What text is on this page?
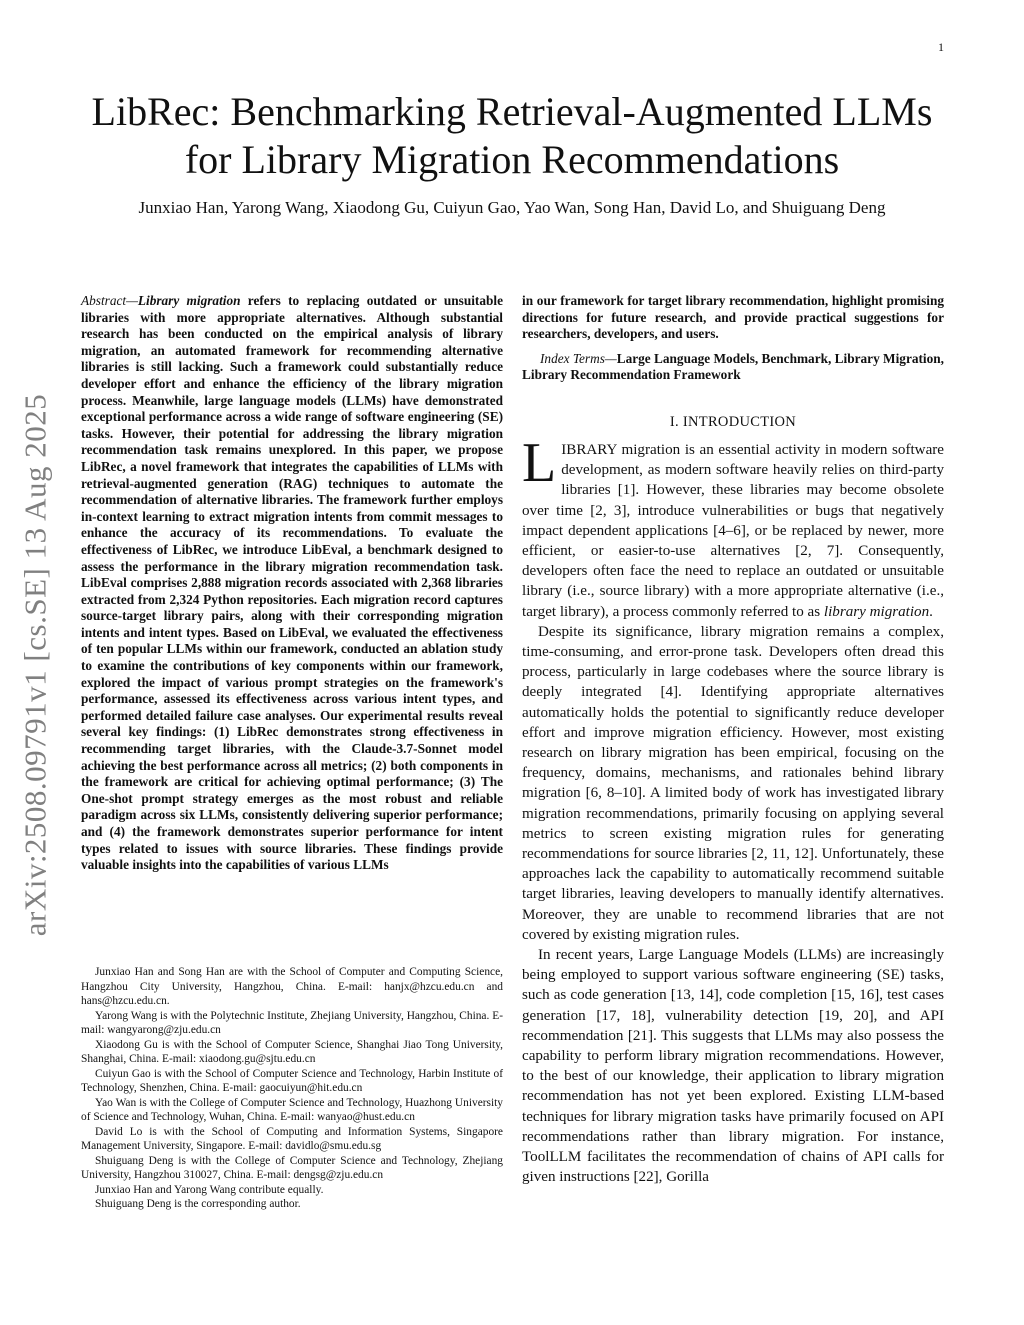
1
arXiv:2508.09791v1 [cs.SE] 13 Aug 2025
LibRec: Benchmarking Retrieval-Augmented LLMs
for Library Migration Recommendations

Junxiao Han, Yarong Wang, Xiaodong Gu, Cuiyun Gao, Yao Wan, Song Han, David Lo, and Shuiguang Deng

Abstract—Library migration refers to replacing outdated or unsuitable libraries with more appropriate alternatives. Although substantial research has been conducted on the empirical analysis of library migration, an automated framework for recommending alternative libraries is still lacking. Such a framework could substantially reduce developer effort and enhance the efficiency of the library migration process. Meanwhile, large language models (LLMs) have demonstrated exceptional performance across a wide range of software engineering (SE) tasks. However, their potential for addressing the library migration recommendation task remains unexplored. In this paper, we propose LibRec, a novel framework that integrates the capabilities of LLMs with retrieval-augmented generation (RAG) techniques to automate the recommendation of alternative libraries. The framework further employs in-context learning to extract migration intents from commit messages to enhance the accuracy of its recommendations. To evaluate the effectiveness of LibRec, we introduce LibEval, a benchmark designed to assess the performance in the library migration recommendation task. LibEval comprises 2,888 migration records associated with 2,368 libraries extracted from 2,324 Python repositories. Each migration record captures source-target library pairs, along with their corresponding migration intents and intent types. Based on LibEval, we evaluated the effectiveness of ten popular LLMs within our framework, conducted an ablation study to examine the contributions of key components within our framework, explored the impact of various prompt strategies on the framework's performance, assessed its effectiveness across various intent types, and performed detailed failure case analyses. Our experimental results reveal several key findings: (1) LibRec demonstrates strong effectiveness in recommending target libraries, with the Claude-3.7-Sonnet model achieving the best performance across all metrics; (2) both components in the framework are critical for achieving optimal performance; (3) The One-shot prompt strategy emerges as the most robust and reliable paradigm across six LLMs, consistently delivering superior performance; and (4) the framework demonstrates superior performance for intent types related to issues with source libraries. These findings provide valuable insights into the capabilities of various LLMs

Junxiao Han and Song Han are with the School of Computer and Computing Science, Hangzhou City University, Hangzhou, China. E-mail: hanjx@hzcu.edu.cn and hans@hzcu.edu.cn.

Yarong Wang is with the Polytechnic Institute, Zhejiang University, Hangzhou, China. E-mail: wangyarong@zju.edu.cn

Xiaodong Gu is with the School of Computer Science, Shanghai Jiao Tong University, Shanghai, China. E-mail: xiaodong.gu@sjtu.edu.cn

Cuiyun Gao is with the School of Computer Science and Technology, Harbin Institute of Technology, Shenzhen, China. E-mail: gaocuiyun@hit.edu.cn

Yao Wan is with the College of Computer Science and Technology, Huazhong University of Science and Technology, Wuhan, China. E-mail: wanyao@hust.edu.cn

David Lo is with the School of Computing and Information Systems, Singapore Management University, Singapore. E-mail: davidlo@smu.edu.sg

Shuiguang Deng is with the College of Computer Science and Technology, Zhejiang University, Hangzhou 310027, China. E-mail: dengsg@zju.edu.cn

Junxiao Han and Yarong Wang contribute equally.

Shuiguang Deng is the corresponding author.

in our framework for target library recommendation, highlight promising directions for future research, and provide practical suggestions for researchers, developers, and users.

Index Terms—Large Language Models, Benchmark, Library Migration, Library Recommendation Framework

I. INTRODUCTION

LIBRARY migration is an essential activity in modern software development, as modern software heavily relies on third-party libraries [1]. However, these libraries may become obsolete over time [2, 3], introduce vulnerabilities or bugs that negatively impact dependent applications [4–6], or be replaced by newer, more efficient, or easier-to-use alternatives [2, 7]. Consequently, developers often face the need to replace an outdated or unsuitable library (i.e., source library) with a more appropriate alternative (i.e., target library), a process commonly referred to as library migration.

Despite its significance, library migration remains a complex, time-consuming, and error-prone task. Developers often dread this process, particularly in large codebases where the source library is deeply integrated [4]. Identifying appropriate alternatives automatically holds the potential to significantly reduce developer effort and improve migration efficiency. However, most existing research on library migration has been empirical, focusing on the frequency, domains, mechanisms, and rationales behind library migration [6, 8–10]. A limited body of work has investigated library migration recommendations, primarily focusing on applying several metrics to screen existing migration rules for generating recommendations for source libraries [2, 11, 12]. Unfortunately, these approaches lack the capability to automatically recommend suitable target libraries, leaving developers to manually identify alternatives. Moreover, they are unable to recommend libraries that are not covered by existing migration rules.

In recent years, Large Language Models (LLMs) are increasingly being employed to support various software engineering (SE) tasks, such as code generation [13, 14], code completion [15, 16], test cases generation [17, 18], vulnerability detection [19, 20], and API recommendation [21]. This suggests that LLMs may also possess the capability to perform library migration recommendations. However, to the best of our knowledge, their application to library migration recommendation has not yet been explored. Existing LLM-based techniques for library migration tasks have primarily focused on API recommendations rather than library migration. For instance, ToolLLM facilitates the recommendation of chains of API calls for given instructions [22], Gorilla
